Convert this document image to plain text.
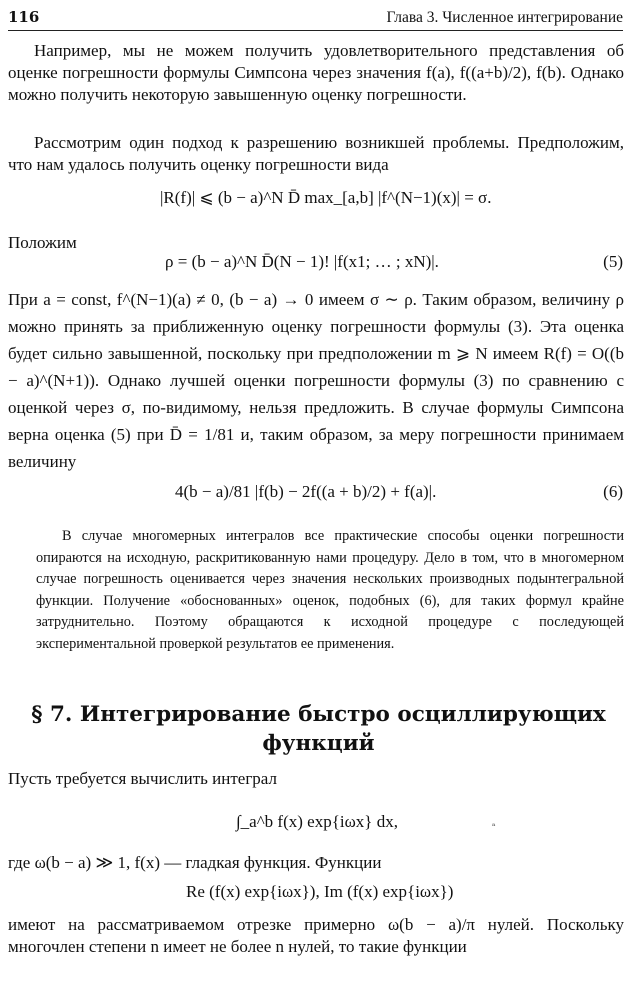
116	Глава 3. Численное интегрирование
Например, мы не можем получить удовлетворительного представления об оценке погрешности формулы Симпсона через значения f(a), f((a+b)/2), f(b). Однако можно получить некоторую завышенную оценку погрешности.
Рассмотрим один подход к разрешению возникшей проблемы. Предположим, что нам удалось получить оценку погрешности вида
|R(f)| ⩽ (b − a)^N D̄ max_[a,b] |f^(N−1)(x)| = σ.
Положим
ρ = (b − a)^N D̄(N − 1)! |f(x1; … ; xN)|.	(5)
При a = const, f^(N−1)(a) ≠ 0, (b − a) → 0 имеем σ ∼ ρ. Таким образом, величину ρ можно принять за приближенную оценку погрешности формулы (3). Эта оценка будет сильно завышенной, поскольку при предположении m ⩾ N имеем R(f) = O((b − a)^(N+1)). Однако лучшей оценки погрешности формулы (3) по сравнению с оценкой через σ, по-видимому, нельзя предложить. В случае формулы Симпсона верна оценка (5) при D̄ = 1/81 и, таким образом, за меру погрешности принимаем величину
4(b − a)/81 |f(b) − 2f((a + b)/2) + f(a)|.	(6)
В случае многомерных интегралов все практические способы оценки погрешности опираются на исходную, раскритикованную нами процедуру. Дело в том, что в многомерном случае погрешность оценивается через значения нескольких производных подынтегральной функции. Получение «обоснованных» оценок, подобных (6), для таких формул крайне затруднительно. Поэтому обращаются к исходной процедуре с последующей экспериментальной проверкой результатов ее применения.
§ 7. Интегрирование быстро осциллирующих функций
Пусть требуется вычислить интеграл
∫_a^b f(x) exp{iωx} dx,	ᵃ
где ω(b − a) ≫ 1, f(x) — гладкая функция. Функции
Re (f(x) exp{iωx}), Im (f(x) exp{iωx})
имеют на рассматриваемом отрезке примерно ω(b − a)/π нулей. Поскольку многочлен степени n имеет не более n нулей, то такие функции
